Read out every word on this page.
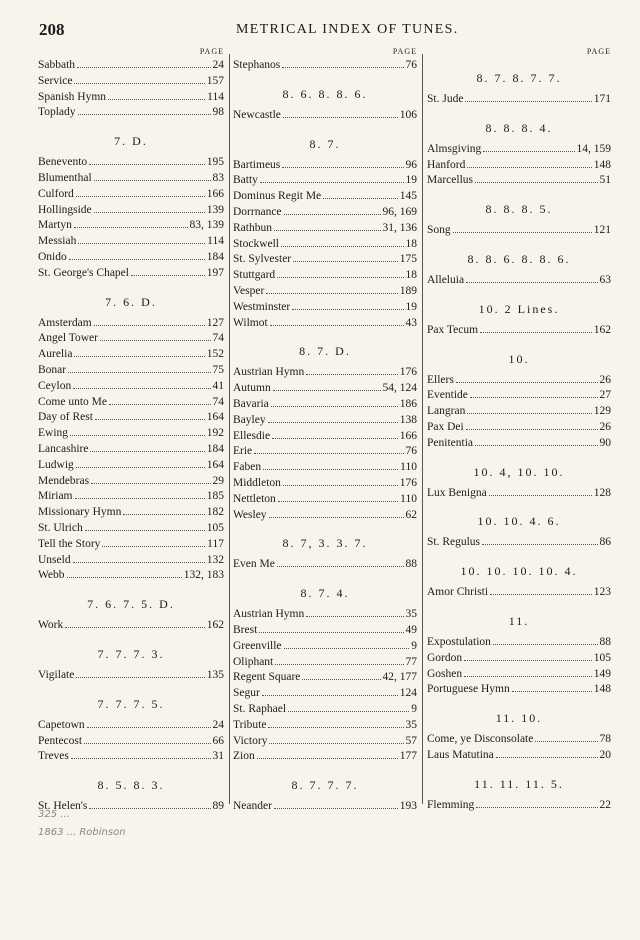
208	METRICAL INDEX OF TUNES.
PAGE
Sabbath	24
Service	157
Spanish Hymn	114
Toplady	98
7. D.
Benevento	195
Blumenthal	83
Culford	166
Hollingside	139
Martyn	83, 139
Messiah	114
Onido	184
St. George's Chapel	197
7. 6. D.
Amsterdam	127
Angel Tower	74
Aurelia	152
Bonar	75
Ceylon	41
Come unto Me	74
Day of Rest	164
Ewing	192
Lancashire	184
Ludwig	164
Mendebras	29
Miriam	185
Missionary Hymn	182
St. Ulrich	105
Tell the Story	117
Unseld	132
Webb	132, 183
7. 6. 7. 5. D.
Work	162
7. 7. 7. 3.
Vigilate	135
7. 7. 7. 5.
Capetown	24
Pentecost	66
Treves	31
8. 5. 8. 3.
St. Helen's	89
PAGE
Stephanos	76
8. 6. 8. 8. 6.
Newcastle	106
8. 7.
Bartimeus	96
Batty	19
Dominus Regit Me	145
Dorrnance	96, 169
Rathbun	31, 136
Stockwell	18
St. Sylvester	175
Stuttgard	18
Vesper	189
Westminster	19
Wilmot	43
8. 7. D.
Austrian Hymn	176
Autumn	54, 124
Bavaria	186
Bayley	138
Ellesdie	166
Erie	76
Faben	110
Middleton	176
Nettleton	110
Wesley	62
8. 7, 3. 3. 7.
Even Me	88
8. 7. 4.
Austrian Hymn	35
Brest	49
Greenville	9
Oliphant	77
Regent Square	42, 177
Segur	124
St. Raphael	9
Tribute	35
Victory	57
Zion	177
8. 7. 7. 7.
Neander	193
PAGE
8. 7. 8. 7. 7.
St. Jude	171
8. 8. 8. 4.
Almsgiving	14, 159
Hanford	148
Marcellus	51
8. 8. 8. 5.
Song	121
8. 8. 6. 8. 8. 6.
Alleluia	63
10. 2 Lines.
Pax Tecum	162
10.
Ellers	26
Eventide	27
Langran	129
Pax Dei	26
Penitentia	90
10. 4, 10. 10.
Lux Benigna	128
10. 10. 4. 6.
St. Regulus	86
10. 10. 10. 10. 4.
Amor Christi	123
11.
Expostulation	88
Gordon	105
Goshen	149
Portuguese Hymn	148
11. 10.
Come, ye Disconsolate	78
Laus Matutina	20
11. 11. 11. 5.
Flemming	22
325 ...
1863 ... Robinson
